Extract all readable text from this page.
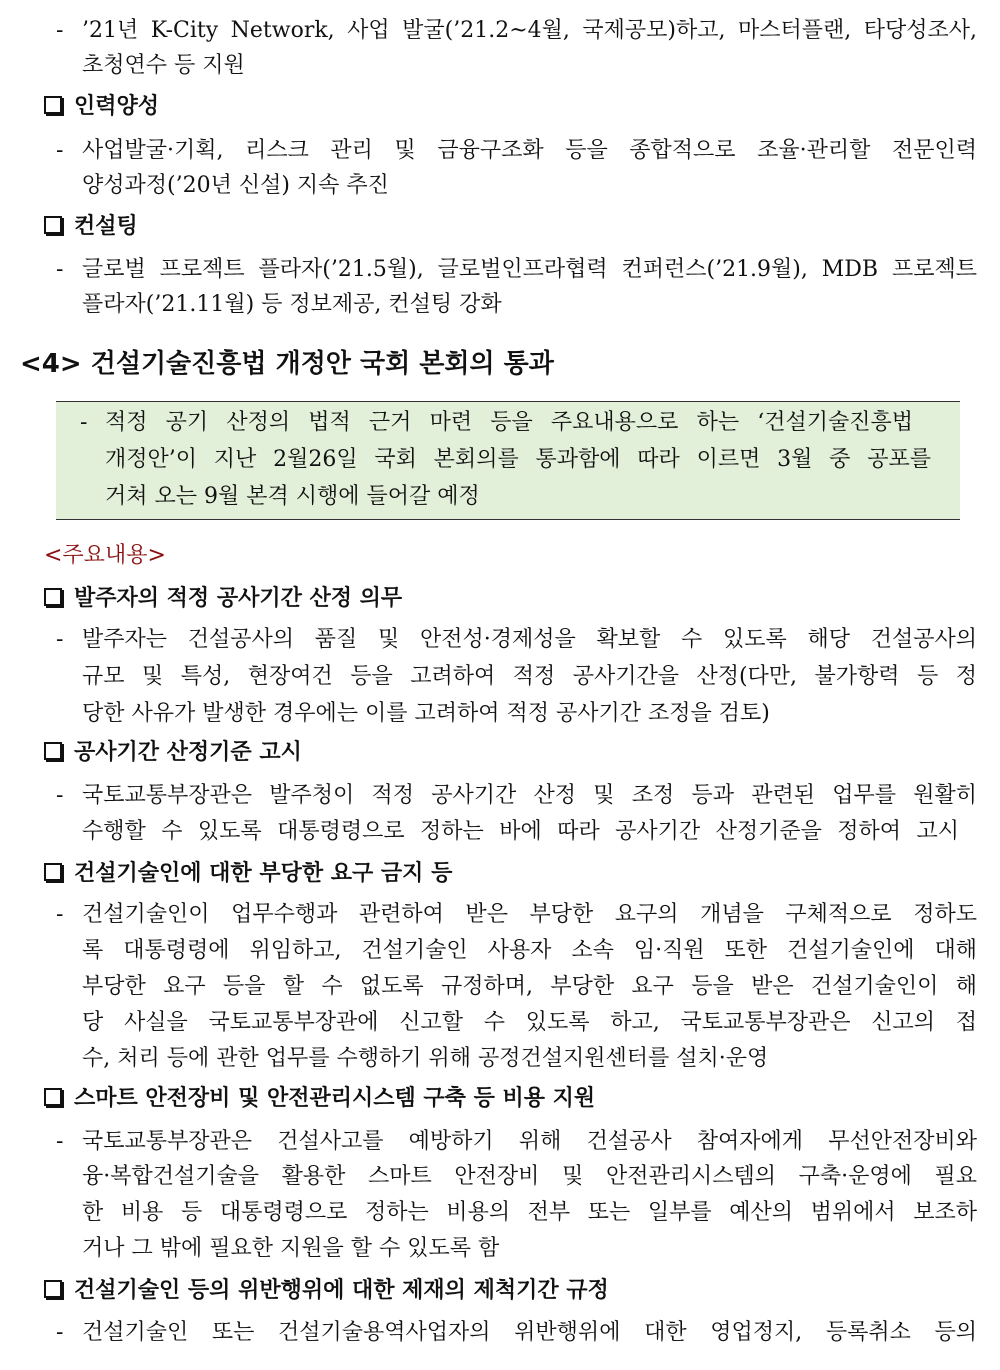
- ’21년 K-City Network, 사업 발굴(’21.2~4월, 국제공모)하고, 마스터플랜, 타당성조사,
초청연수 등 지원
인력양성
- 사업발굴·기획, 리스크 관리 및 금융구조화 등을 종합적으로 조율·관리할 전문인력
양성과정(’20년 신설) 지속 추진
컨설팅
- 글로벌 프로젝트 플라자(’21.5월), 글로벌인프라협력 컨퍼런스(’21.9월), MDB 프로젝트
플라자(’21.11월) 등 정보제공, 컨설팅 강화
<4> 건설기술진흥법 개정안 국회 본회의 통과
- 적정 공기 산정의 법적 근거 마련 등을 주요내용으로 하는 ‘건설기술진흥법
개정안’이 지난 2월26일 국회 본회의를 통과함에 따라 이르면 3월 중 공포를
거쳐 오는 9월 본격 시행에 들어갈 예정
<주요내용>
발주자의 적정 공사기간 산정 의무
- 발주자는 건설공사의 품질 및 안전성·경제성을 확보할 수 있도록 해당 건설공사의
규모 및 특성, 현장여건 등을 고려하여 적정 공사기간을 산정(다만, 불가항력 등 정
당한 사유가 발생한 경우에는 이를 고려하여 적정 공사기간 조정을 검토)
공사기간 산정기준 고시
- 국토교통부장관은 발주청이 적정 공사기간 산정 및 조정 등과 관련된 업무를 원활히
수행할 수 있도록 대통령령으로 정하는 바에 따라 공사기간 산정기준을 정하여 고시
건설기술인에 대한 부당한 요구 금지 등
- 건설기술인이 업무수행과 관련하여 받은 부당한 요구의 개념을 구체적으로 정하도
록 대통령령에 위임하고, 건설기술인 사용자 소속 임·직원 또한 건설기술인에 대해
부당한 요구 등을 할 수 없도록 규정하며, 부당한 요구 등을 받은 건설기술인이 해
당 사실을 국토교통부장관에 신고할 수 있도록 하고, 국토교통부장관은 신고의 접
수, 처리 등에 관한 업무를 수행하기 위해 공정건설지원센터를 설치·운영
스마트 안전장비 및 안전관리시스템 구축 등 비용 지원
- 국토교통부장관은 건설사고를 예방하기 위해 건설공사 참여자에게 무선안전장비와
융·복합건설기술을 활용한 스마트 안전장비 및 안전관리시스템의 구축·운영에 필요
한 비용 등 대통령령으로 정하는 비용의 전부 또는 일부를 예산의 범위에서 보조하
거나 그 밖에 필요한 지원을 할 수 있도록 함
건설기술인 등의 위반행위에 대한 제재의 제척기간 규정
- 건설기술인 또는 건설기술용역사업자의 위반행위에 대한 영업정지, 등록취소 등의
